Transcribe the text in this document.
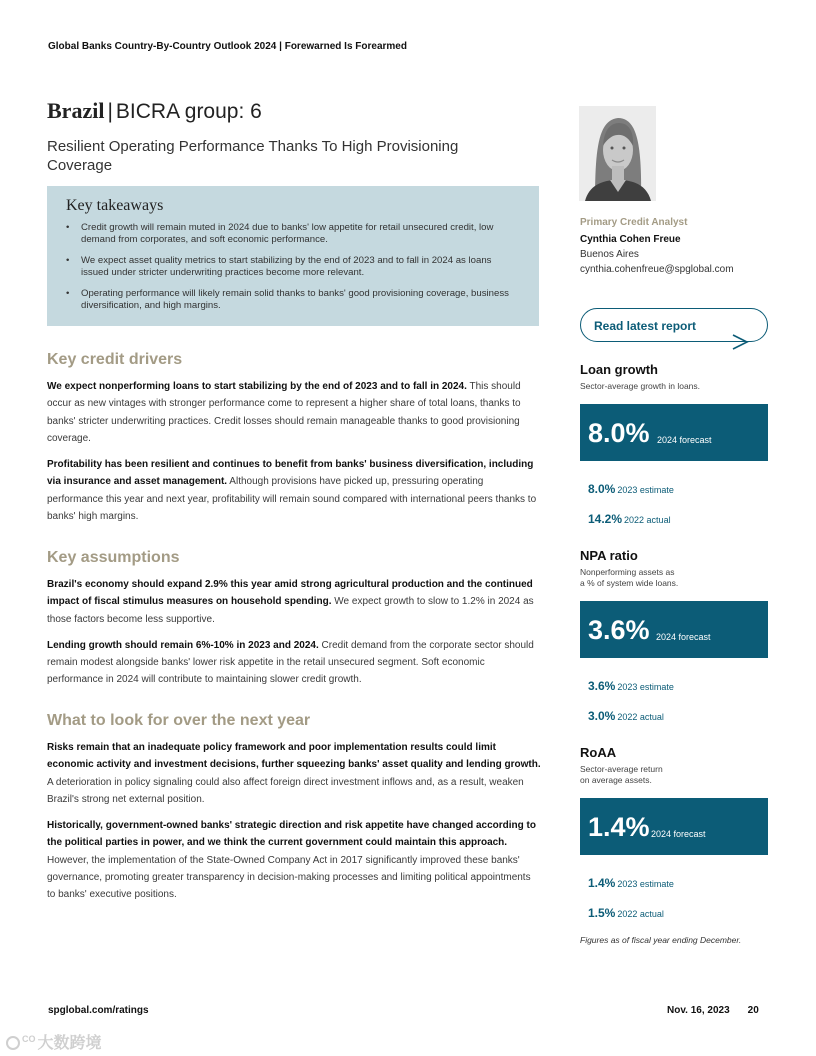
Global Banks Country-By-Country Outlook 2024 | Forewarned Is Forearmed
Brazil | BICRA group: 6
Resilient Operating Performance Thanks To High Provisioning Coverage
Key takeaways
• Credit growth will remain muted in 2024 due to banks' low appetite for retail unsecured credit, low demand from corporates, and soft economic performance.
• We expect asset quality metrics to start stabilizing by the end of 2023 and to fall in 2024 as loans issued under stricter underwriting practices become more relevant.
• Operating performance will likely remain solid thanks to banks' good provisioning coverage, business diversification, and high margins.
Key credit drivers

We expect nonperforming loans to start stabilizing by the end of 2023 and to fall in 2024. This should occur as new vintages with stronger performance come to represent a higher share of total loans, thanks to banks' stricter underwriting practices. Credit losses should remain manageable thanks to good provisioning coverage.

Profitability has been resilient and continues to benefit from banks' business diversification, including via insurance and asset management. Although provisions have picked up, pressuring operating performance this year and next year, profitability will remain sound compared with international peers thanks to banks' high margins.

Key assumptions

Brazil's economy should expand 2.9% this year amid strong agricultural production and the continued impact of fiscal stimulus measures on household spending. We expect growth to slow to 1.2% in 2024 as those factors become less supportive.

Lending growth should remain 6%-10% in 2023 and 2024. Credit demand from the corporate sector should remain modest alongside banks' lower risk appetite in the retail unsecured segment. Soft economic performance in 2024 will contribute to maintaining slower credit growth.

What to look for over the next year

Risks remain that an inadequate policy framework and poor implementation results could limit economic activity and investment decisions, further squeezing banks' asset quality and lending growth. A deterioration in policy signaling could also affect foreign direct investment inflows and, as a result, weaken Brazil's strong net external position.

Historically, government-owned banks' strategic direction and risk appetite have changed according to the political parties in power, and we think the current government could maintain this approach. However, the implementation of the State-Owned Company Act in 2017 significantly improved these banks' governance, promoting greater transparency in decision-making processes and limiting political appointments to banks' executive positions.

Primary Credit Analyst
Cynthia Cohen Freue
Buenos Aires
cynthia.cohenfreue@spglobal.com
Read latest report
Loan growth
Sector-average growth in loans.
8.0% 2024 forecast
8.0% 2023 estimate
14.2% 2022 actual
NPA ratio
Nonperforming assets as
a % of system wide loans.
3.6% 2024 forecast
3.6% 2023 estimate
3.0% 2022 actual
RoAA
Sector-average return
on average assets.
1.4% 2024 forecast
1.4% 2023 estimate
1.5% 2022 actual
Figures as of fiscal year ending December.
spglobal.com/ratings	Nov. 16, 2023 20
$^{CO}$ 大数跨境
